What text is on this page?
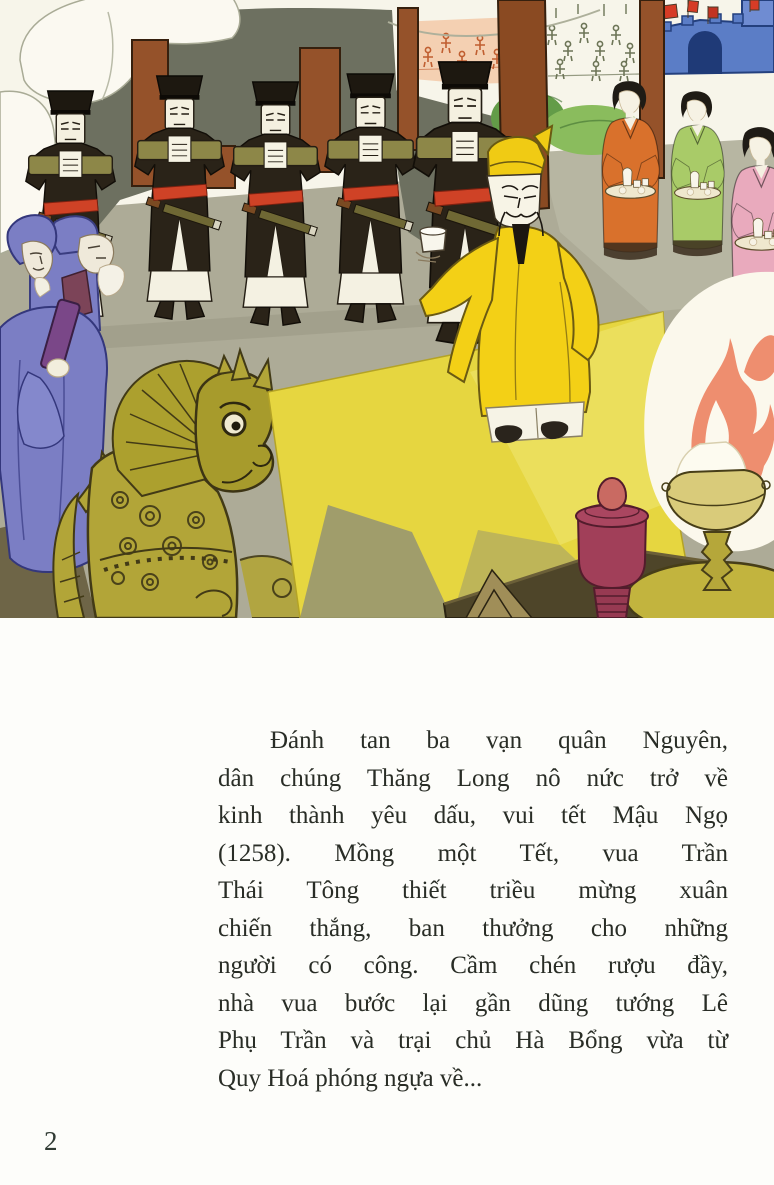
Đánh tan ba vạn quân Nguyên,
dân chúng Thăng Long nô nức trở về
kinh thành yêu dấu, vui tết Mậu Ngọ
(1258). Mồng một Tết, vua Trần
Thái Tông thiết triều mừng xuân
chiến thắng, ban thưởng cho những
người có công. Cầm chén rượu đầy,
nhà vua bước lại gần dũng tướng Lê
Phụ Trần và trại chủ Hà Bổng vừa từ
Quy Hoá phóng ngựa về...
2
